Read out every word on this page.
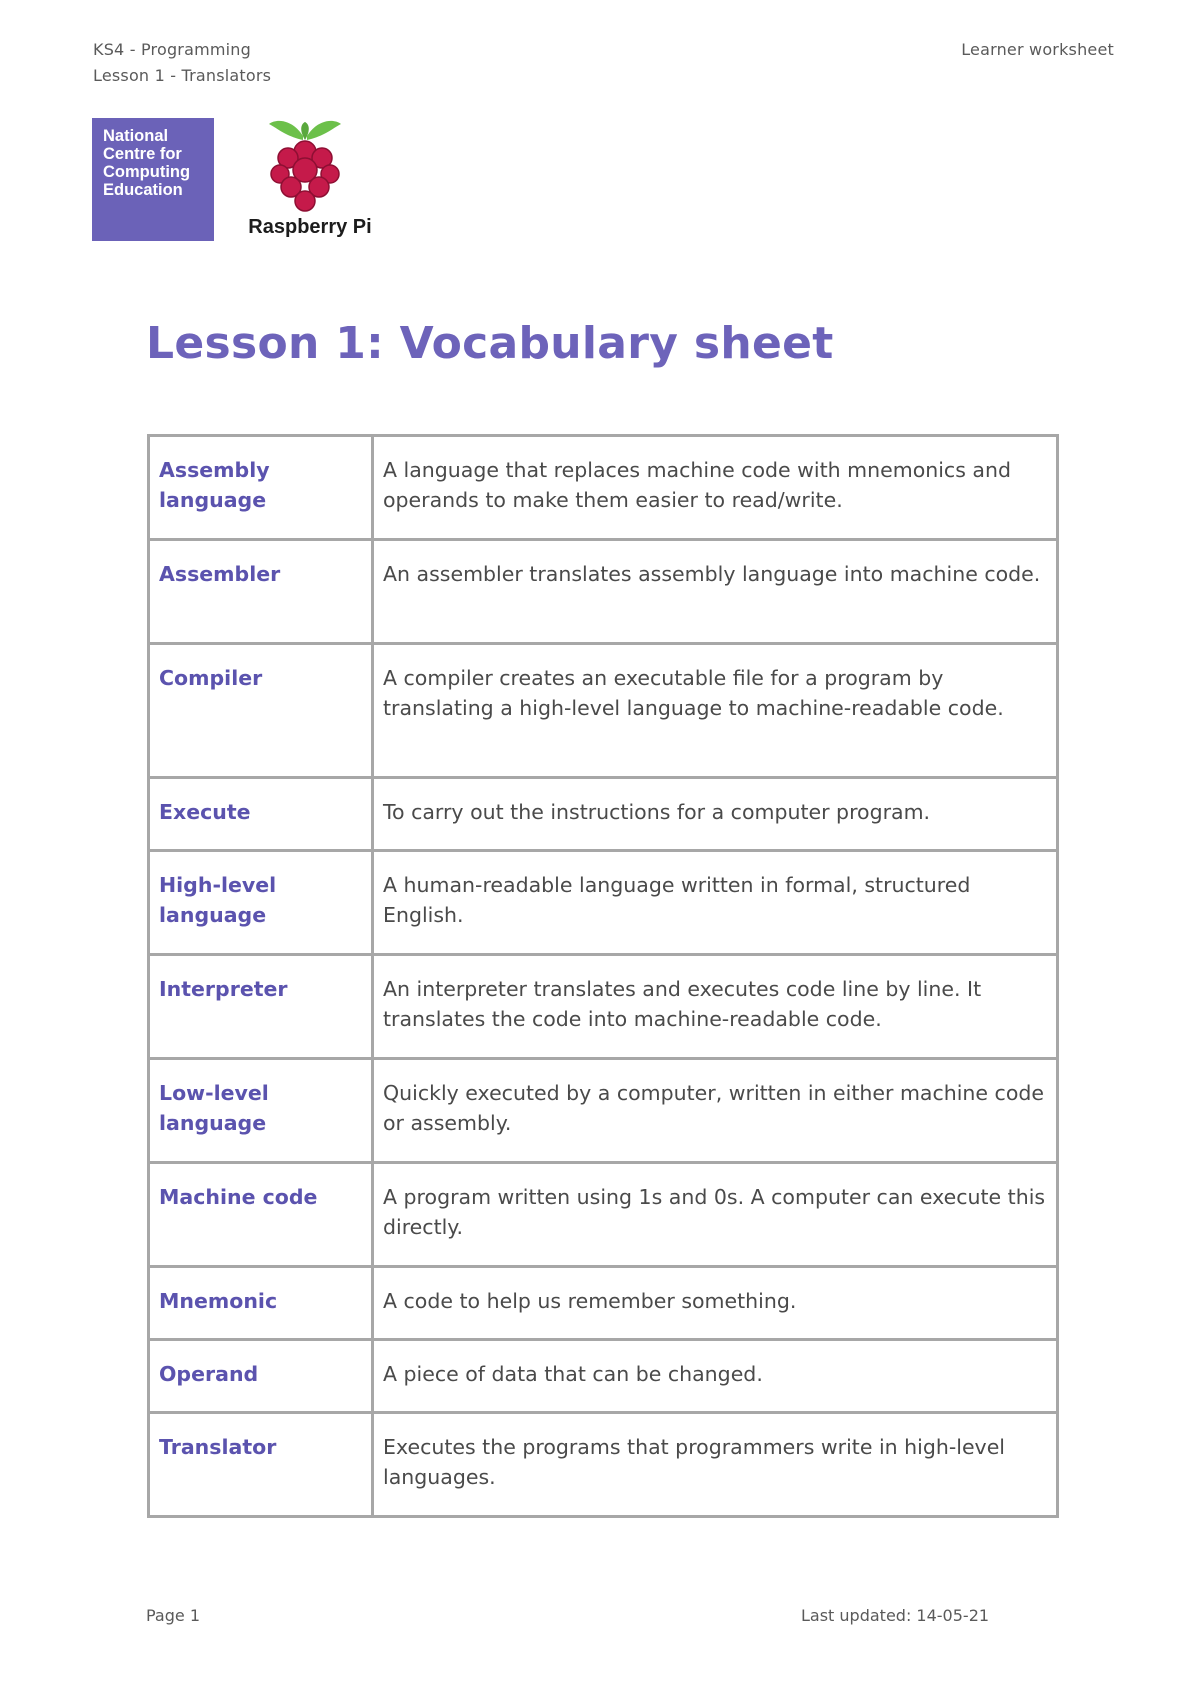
KS4 - Programming
Lesson 1 - Translators
Learner worksheet
National
Centre for
Computing
Education
Raspberry Pi
Lesson 1: Vocabulary sheet
Assembly language	A language that replaces machine code with mnemonics and operands to make them easier to read/write.
Assembler	An assembler translates assembly language into machine code.
Compiler	A compiler creates an executable file for a program by translating a high-level language to machine-readable code.
Execute	To carry out the instructions for a computer program.
High-level language	A human-readable language written in formal, structured English.
Interpreter	An interpreter translates and executes code line by line. It translates the code into machine-readable code.
Low-level language	Quickly executed by a computer, written in either machine code or assembly.
Machine code	A program written using 1s and 0s. A computer can execute this directly.
Mnemonic	A code to help us remember something.
Operand	A piece of data that can be changed.
Translator	Executes the programs that programmers write in high-level languages.
Page 1	Last updated: 14-05-21
